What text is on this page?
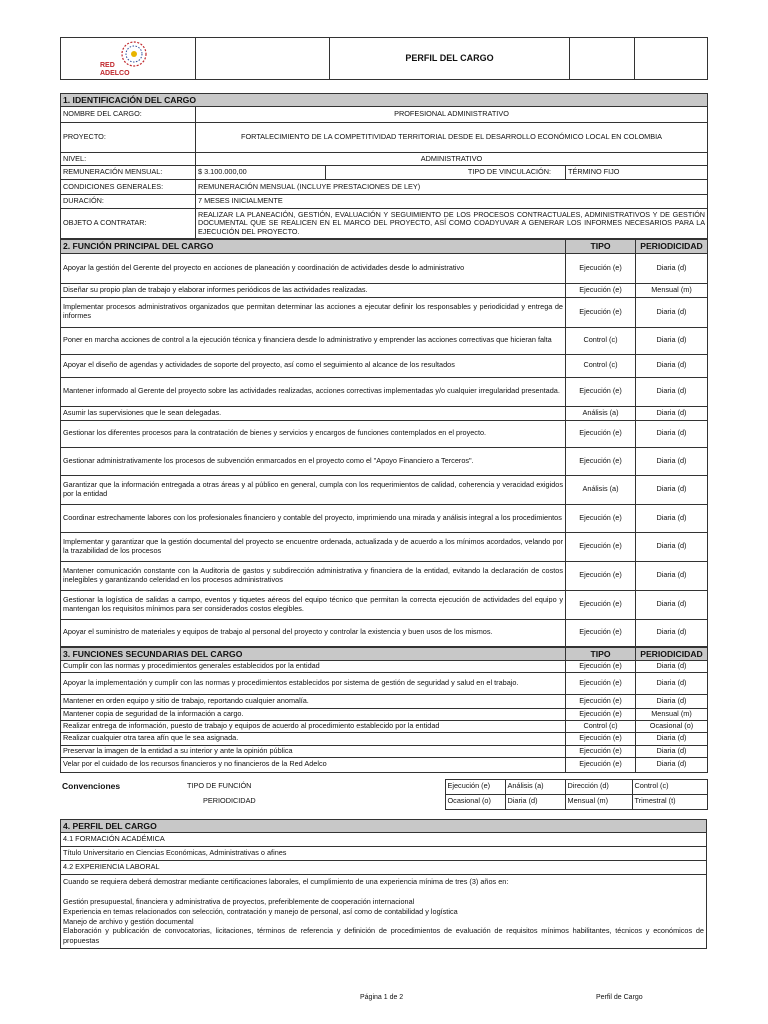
RED
ADELCO
		PERFIL DEL CARGO		
1. IDENTIFICACIÓN DEL CARGO			
NOMBRE DEL CARGO:	PROFESIONAL ADMINISTRATIVO		
PROYECTO:	FORTALECIMIENTO DE LA COMPETITIVIDAD TERRITORIAL DESDE EL DESARROLLO ECONÓMICO LOCAL EN COLOMBIA		
NIVEL:	ADMINISTRATIVO		
REMUNERACIÓN MENSUAL:	$ 3.100.000,00	TIPO DE VINCULACIÓN:	TÉRMINO FIJO
CONDICIONES GENERALES:	REMUNERACIÓN MENSUAL (INCLUYE PRESTACIONES DE LEY)		
DURACIÓN:	7 MESES INICIALMENTE		
OBJETO A CONTRATAR:	REALIZAR LA PLANEACIÓN, GESTIÓN, EVALUACIÓN Y SEGUIMIENTO DE LOS PROCESOS CONTRACTUALES, ADMINISTRATIVOS Y DE GESTIÓN DOCUMENTAL QUE SE REALICEN EN EL MARCO DEL PROYECTO, ASÍ COMO COADYUVAR A GENERAR LOS INFORMES NECESARIOS PARA LA EJECUCIÓN DEL PROYECTO.		
2. FUNCIÓN PRINCIPAL DEL CARGO	TIPO	PERIODICIDAD
Apoyar la gestión del Gerente del proyecto en acciones de planeación y coordinación de actividades desde lo administrativo	Ejecución (e)	Diaria (d)
Diseñar su propio plan de trabajo y elaborar informes periódicos de las actividades realizadas.	Ejecución (e)	Mensual (m)
Implementar procesos administrativos organizados que permitan determinar las acciones a ejecutar definir los responsables y periodicidad y entrega de informes	Ejecución (e)	Diaria (d)
Poner en marcha acciones de control a la ejecución técnica y financiera desde lo administrativo y emprender las acciones correctivas que hicieran falta	Control (c)	Diaria (d)
Apoyar el diseño de agendas y actividades de soporte del proyecto, así como el seguimiento al alcance de los resultados	Control (c)	Diaria (d)
Mantener informado al Gerente del proyecto sobre las actividades realizadas, acciones correctivas implementadas y/o cualquier irregularidad presentada.	Ejecución (e)	Diaria (d)
Asumir las supervisiones que le sean delegadas.	Análisis (a)	Diaria (d)
Gestionar los diferentes procesos para la contratación de bienes y servicios y encargos de funciones contemplados en el proyecto.	Ejecución (e)	Diaria (d)
Gestionar administrativamente los procesos de subvención enmarcados en el proyecto como el "Apoyo Financiero a Terceros".	Ejecución (e)	Diaria (d)
Garantizar que la información entregada a otras áreas y al público en general, cumpla con los requerimientos de calidad, coherencia y veracidad exigidos por la entidad	Análisis (a)	Diaria (d)
Coordinar estrechamente labores con los profesionales financiero y contable del proyecto, imprimiendo una mirada y análisis integral a los procedimientos	Ejecución (e)	Diaria (d)
Implementar y garantizar que la gestión documental del proyecto se encuentre ordenada, actualizada y de acuerdo a los mínimos acordados, velando por la trazabilidad de los procesos	Ejecución (e)	Diaria (d)
Mantener comunicación constante con la Auditoria de gastos y subdirección administrativa y financiera de la entidad, evitando la declaración de costos inelegibles y garantizando celeridad en los procesos administrativos	Ejecución (e)	Diaria (d)
Gestionar la logística de salidas a campo, eventos y tiquetes aéreos del equipo técnico que permitan la correcta ejecución de actividades del equipo y mantengan los requisitos mínimos para ser considerados costos elegibles.	Ejecución (e)	Diaria (d)
Apoyar el suministro de materiales y equipos de trabajo al personal del proyecto y controlar la existencia y buen usos de los mismos.	Ejecución (e)	Diaria (d)
3. FUNCIONES SECUNDARIAS DEL CARGO	TIPO	PERIODICIDAD
Cumplir con las normas y procedimientos generales establecidos por la entidad	Ejecución (e)	Diaria (d)
Apoyar la implementación y cumplir con las normas y procedimientos establecidos por sistema de gestión de seguridad y salud en el trabajo.	Ejecución (e)	Diaria (d)
Mantener en orden equipo y sitio de trabajo, reportando cualquier anomalía.	Ejecución (e)	Diaria (d)
Mantener copia de seguridad de la información a cargo.	Ejecución (e)	Mensual (m)
Realizar entrega de información, puesto de trabajo y equipos de acuerdo al procedimiento establecido por la entidad	Control (c)	Ocasional (o)
Realizar cualquier otra tarea afín que le sea asignada.	Ejecución (e)	Diaria (d)
Preservar la imagen de la entidad a su interior y ante la opinión pública	Ejecución (e)	Diaria (d)
Velar por el cuidado de los recursos financieros y no financieros de la Red Adelco	Ejecución (e)	Diaria (d)
Convenciones	TIPO DE FUNCIÓN	Ejecución (e)	Análisis (a)	Dirección (d)	Control (c)
	PERIODICIDAD	Ocasional (o)	Diaria (d)	Mensual (m)	Trimestral (t)
4. PERFIL DEL CARGO
4.1 FORMACIÓN ACADÉMICA
Título Universitario en Ciencias Económicas, Administrativas o afines
4.2 EXPERIENCIA LABORAL

Cuando se requiera deberá demostrar mediante certificaciones laborales, el cumplimiento de una experiencia mínima de tres (3) años en:
Gestión presupuestal, financiera y administrativa de proyectos, preferiblemente de cooperación internacional
Experiencia en temas relacionados con selección, contratación y manejo de personal, así como de contabilidad y logística
Manejo de archivo y gestión documental
Elaboración y publicación de convocatorias, licitaciones, términos de referencia y definición de procedimientos de evaluación de requisitos mínimos habilitantes, técnicos y económicos de propuestas
Página 1 de 2	Perfil de Cargo
